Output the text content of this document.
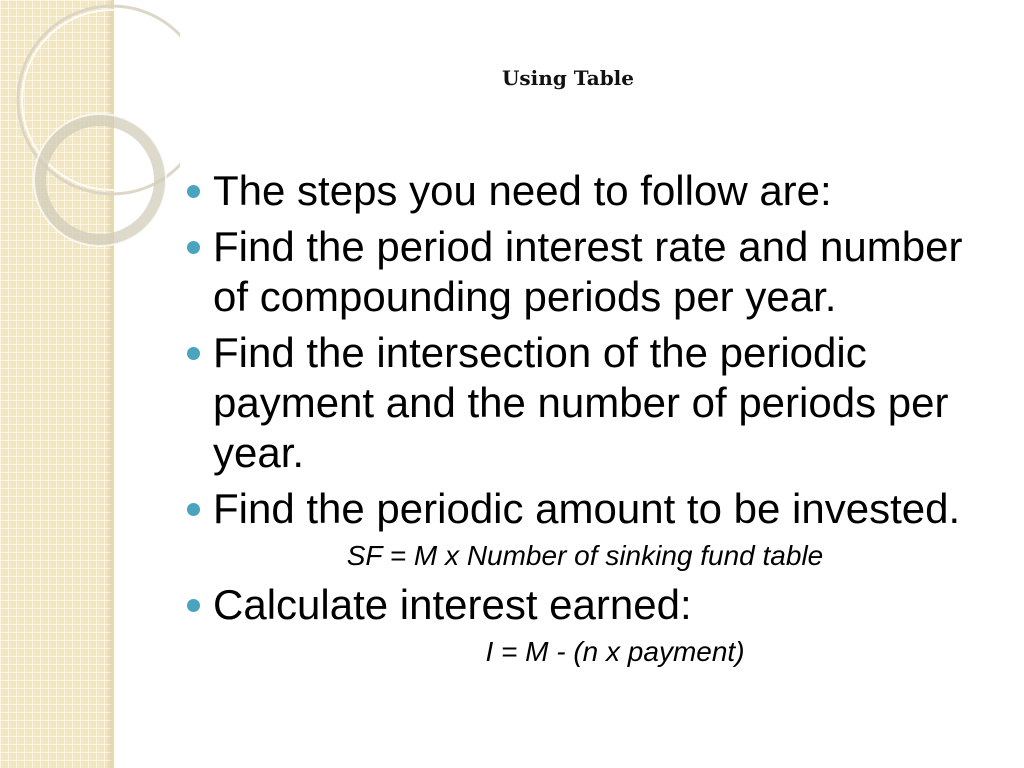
Using Table
The steps you need to follow are:
Find the period interest rate and number of compounding periods per year.
Find the intersection of the periodic payment and the number of periods per year.
Find the periodic amount to be invested.
SF = M x Number of sinking fund table
Calculate interest earned:
I = M - (n x payment)
